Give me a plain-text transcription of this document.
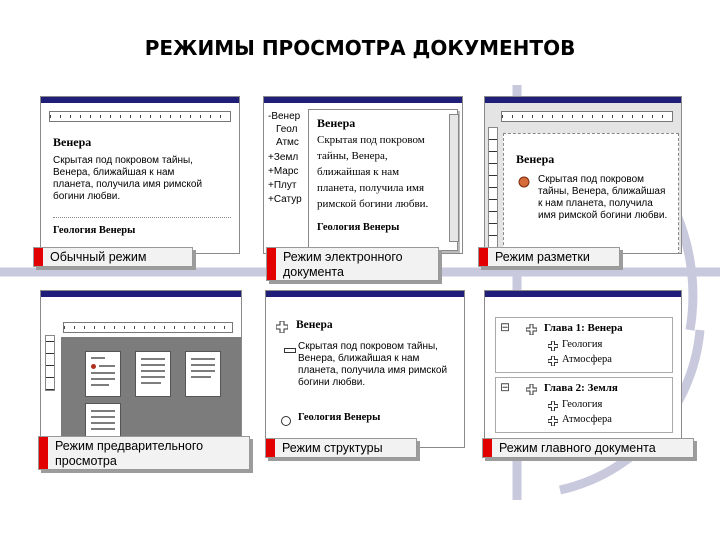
РЕЖИМЫ ПРОСМОТРА ДОКУМЕНТОВ
Венера
Скрытая под покровом тайны,
Венера, ближайшая к нам
планета, получила имя римской
богини любви.
Геология Венеры
Обычный режим
-Венер
Геол
Атмс
+Земл
+Марс
+Плут
+Сатур
Венера
Скрытая под покровом
тайны, Венера,
ближайшая к нам
планета, получила имя
римской богини любви.
Геология Венеры
Режим электронного документа
Венера
Скрытая под покровом
тайны, Венера, ближайшая
к нам планета, получила
имя римской богини любви.
Режим разметки
Режим предварительного просмотра
Венера
Скрытая под покровом тайны,
Венера, ближайшая к нам
планета, получила имя римской
богини любви.
Геология Венеры
Режим структуры
⊟	Глава 1: Венера
Геология
Атмосфера
⊟	Глава 2: Земля
Геология
Атмосфера
Режим главного документа
